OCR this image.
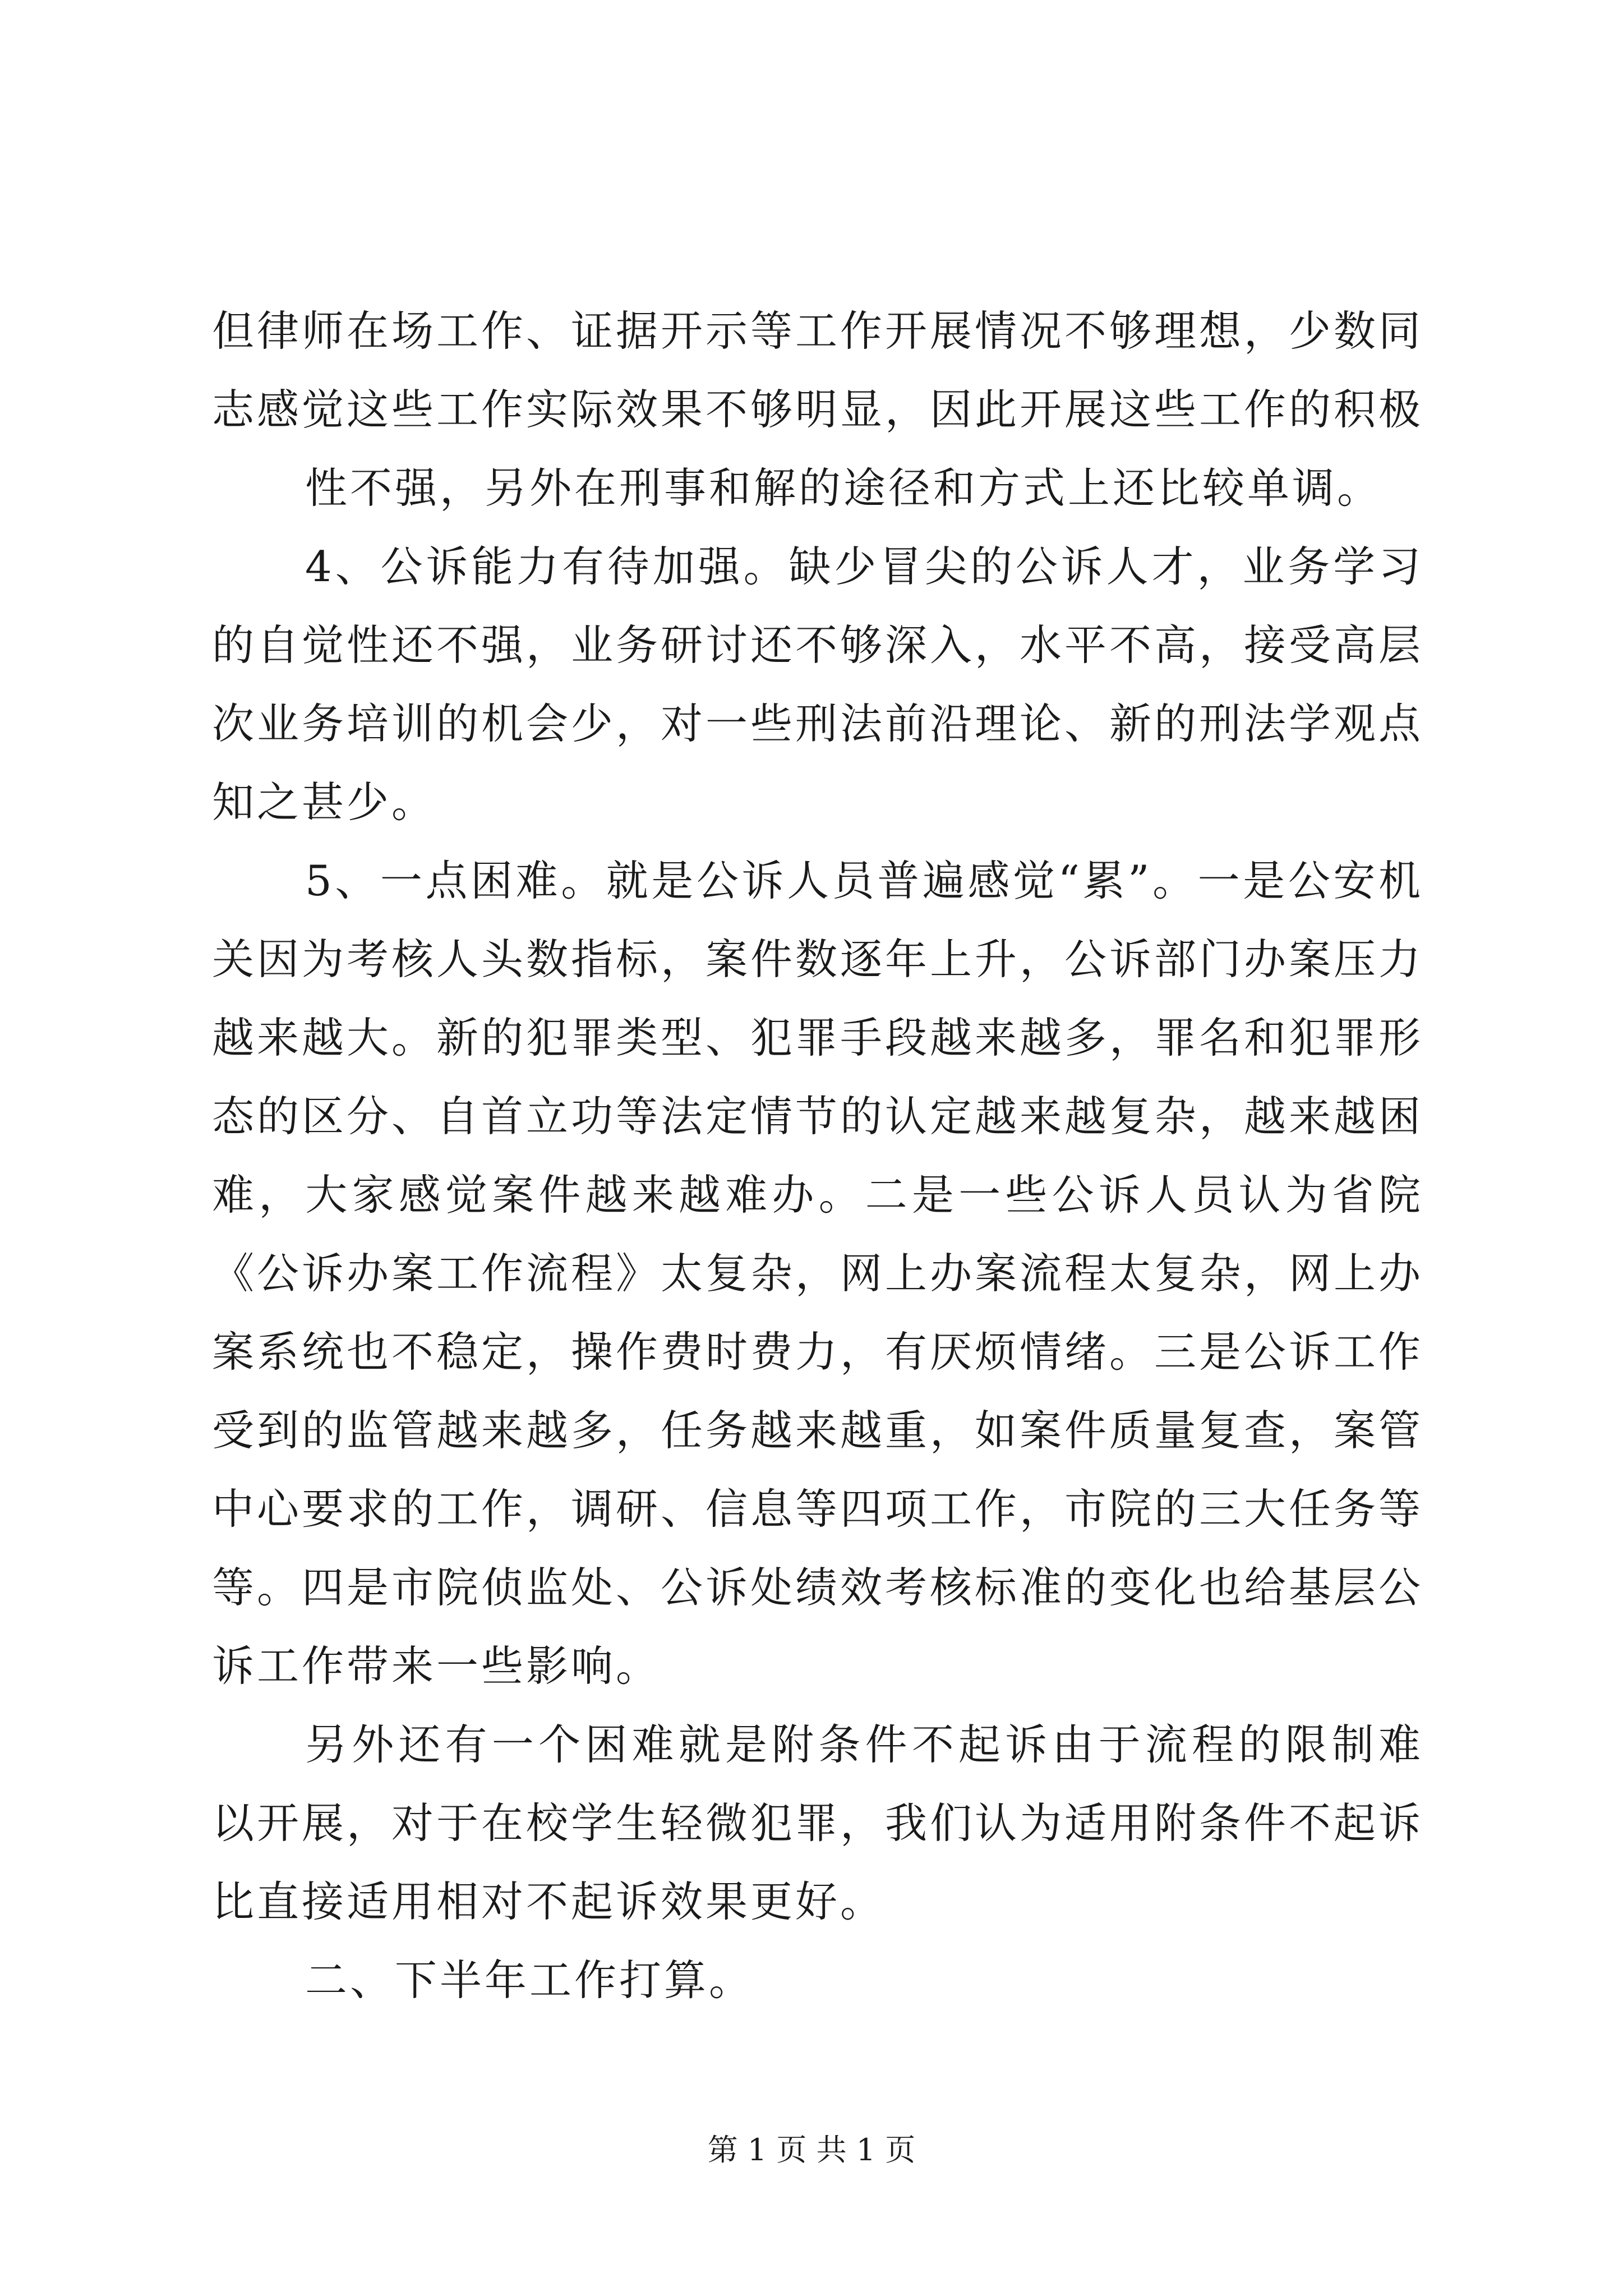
但律师在场工作、证据开示等工作开展情况不够理想，少数同志感觉这些工作实际效果不够明显，因此开展这些工作的积极

性不强，另外在刑事和解的途径和方式上还比较单调。

4、公诉能力有待加强。缺少冒尖的公诉人才，业务学习的自觉性还不强，业务研讨还不够深入，水平不高，接受高层次业务培训的机会少，对一些刑法前沿理论、新的刑法学观点知之甚少。

5、一点困难。就是公诉人员普遍感觉“累”。一是公安机关因为考核人头数指标，案件数逐年上升，公诉部门办案压力越来越大。新的犯罪类型、犯罪手段越来越多，罪名和犯罪形态的区分、自首立功等法定情节的认定越来越复杂，越来越困难，大家感觉案件越来越难办。二是一些公诉人员认为省院《公诉办案工作流程》太复杂，网上办案流程太复杂，网上办案系统也不稳定，操作费时费力，有厌烦情绪。三是公诉工作受到的监管越来越多，任务越来越重，如案件质量复查，案管中心要求的工作，调研、信息等四项工作，市院的三大任务等等。四是市院侦监处、公诉处绩效考核标准的变化也给基层公诉工作带来一些影响。

另外还有一个困难就是附条件不起诉由于流程的限制难以开展，对于在校学生轻微犯罪，我们认为适用附条件不起诉比直接适用相对不起诉效果更好。

二、下半年工作打算。

第 1 页 共 1 页
